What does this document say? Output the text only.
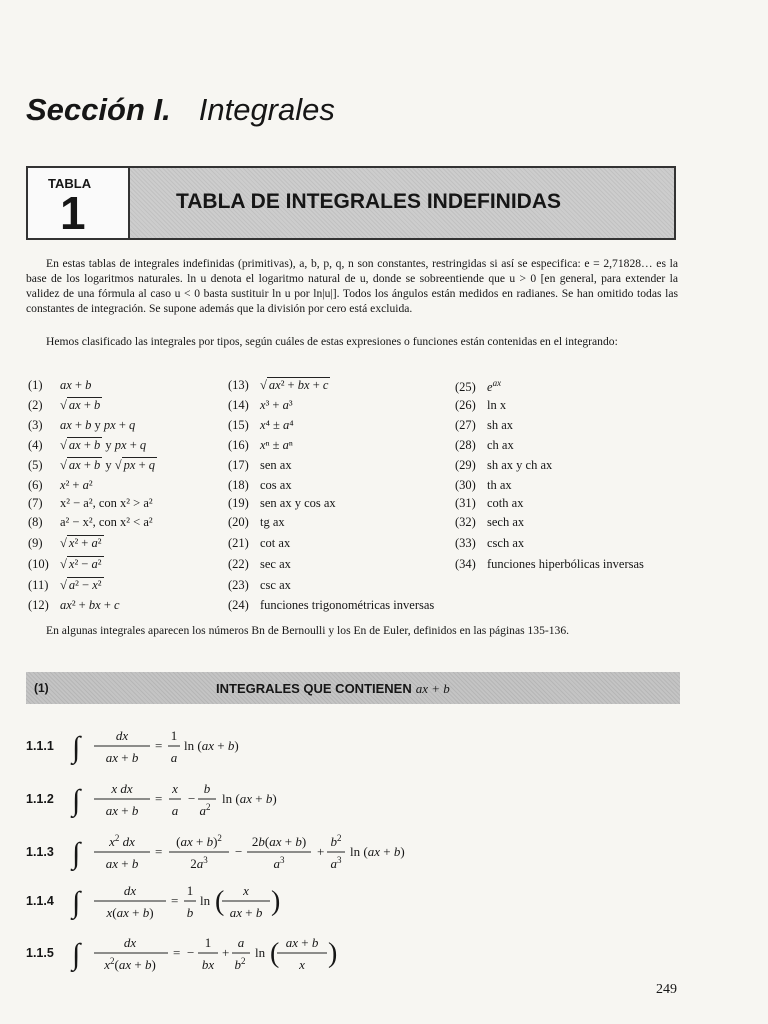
Sección I. Integrales
TABLA
1	TABLA DE INTEGRALES INDEFINIDAS

En estas tablas de integrales indefinidas (primitivas), a, b, p, q, n son constantes, restringidas si así se especifica: e = 2,71828… es la base de los logaritmos naturales. ln u denota el logaritmo natural de u, donde se sobreentiende que u > 0 [en general, para extender la validez de una fórmula al caso u < 0 basta sustituir ln u por ln|u|]. Todos los ángulos están medidos en radianes. Se han omitido todas las constantes de integración. Se supone además que la división por cero está excluida.

Hemos clasificado las integrales por tipos, según cuáles de estas expresiones o funciones están contenidas en el integrando:

(1) ax + b
(2) √ ax + b
(3) ax + b y px + q
(4) √ ax + b y px + q
(5) √ ax + b y √ px + q
(6) x² + a²
(7) x² − a², con x² > a²
(8) a² − x², con x² < a²
(9) √ x² + a²
(10) √ x² − a²
(11) √ a² − x²
(12) ax² + bx + c
(13) √ ax² + bx + c
(14) x³ + a³
(15) x⁴ ± a⁴
(16) xⁿ ± aⁿ
(17) sen ax
(18) cos ax
(19) sen ax y cos ax
(20) tg ax
(21) cot ax
(22) sec ax
(23) csc ax
(24) funciones trigonométricas inversas
(25) $e^{ax}$
(26) ln x
(27) sh ax
(28) ch ax
(29) sh ax y ch ax
(30) th ax
(31) coth ax
(32) sech ax
(33) csch ax
(34) funciones hiperbólicas inversas

En algunas integrales aparecen los números Bn de Bernoulli y los En de Euler, definidos en las páginas 135-136.

(1)	INTEGRALES QUE CONTIENEN ax + b
1.1.1 ∫	dx
ax + b
=
1
a
ln (ax + b)
1.1.2 ∫ x dx
ax + b
=
x
a
−
b
$a^2$
ln (ax + b)
1.1.3 ∫ $x^2$ dx
ax + b
=
(ax + b)$^2$
$2a^3$
−
2b(ax + b)
$a^3$
+
$b^2$
$a^3$
ln (ax + b)
1.1.4 ∫	dx
x(ax + b)
=
1
b
ln ( x
ax + b )
1.1.5 ∫	dx
$x^2(ax + b)$
= −
1
bx
+
a
$b^2$
ln ( ax + b
x )
249
